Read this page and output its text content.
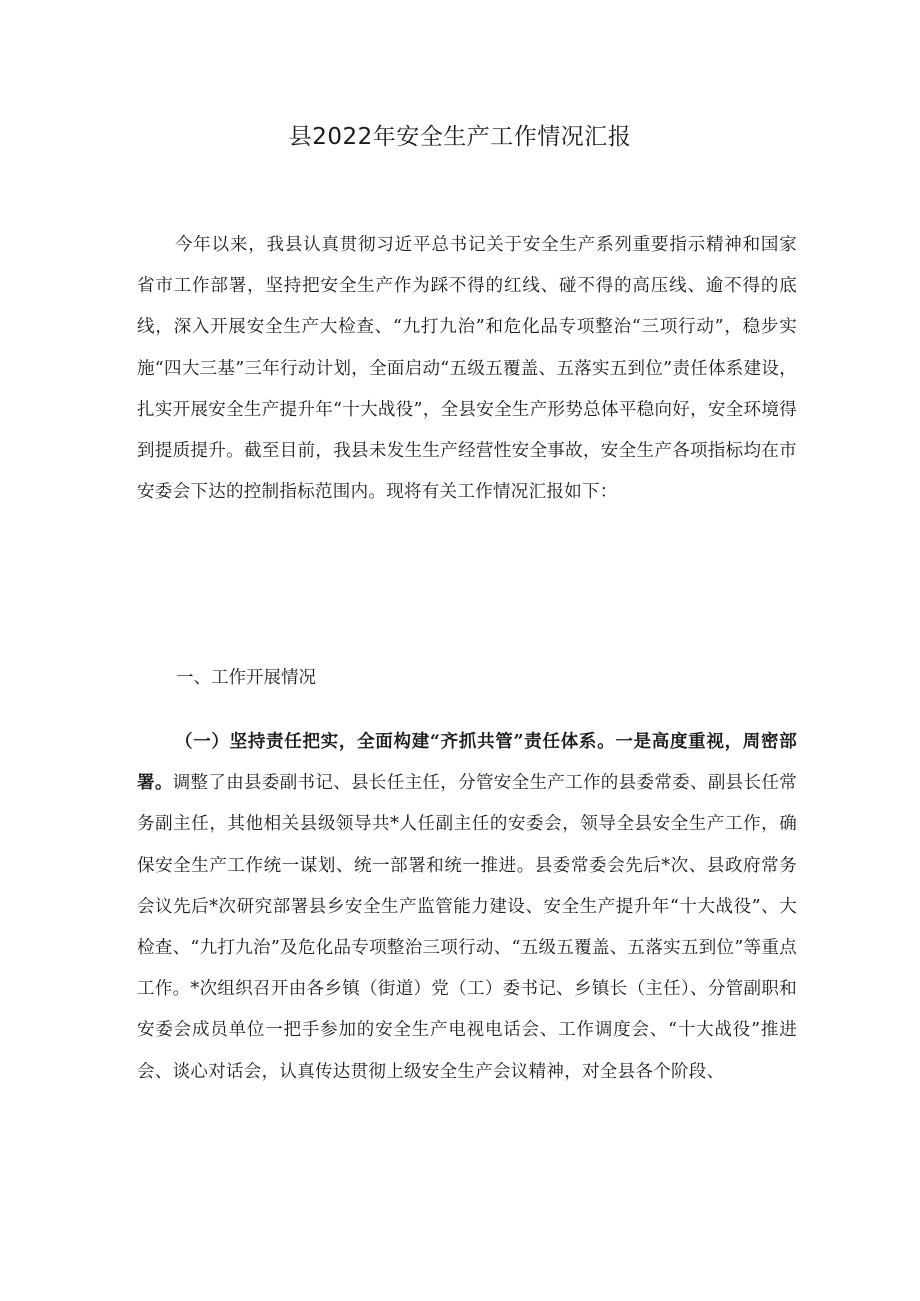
县2022年安全生产工作情况汇报

今年以来，我县认真贯彻习近平总书记关于安全生产系列重要指示精神和国家省市工作部署，坚持把安全生产作为踩不得的红线、碰不得的高压线、逾不得的底线，深入开展安全生产大检查、“九打九治”和危化品专项整治“三项行动”，稳步实施“四大三基”三年行动计划，全面启动“五级五覆盖、五落实五到位”责任体系建设，扎实开展安全生产提升年“十大战役”，全县安全生产形势总体平稳向好，安全环境得到提质提升。截至目前，我县未发生生产经营性安全事故，安全生产各项指标均在市安委会下达的控制指标范围内。现将有关工作情况汇报如下：

一、工作开展情况

（一）坚持责任把实，全面构建“齐抓共管”责任体系。一是高度重视，周密部署。调整了由县委副书记、县长任主任，分管安全生产工作的县委常委、副县长任常务副主任，其他相关县级领导共*人任副主任的安委会，领导全县安全生产工作，确保安全生产工作统一谋划、统一部署和统一推进。县委常委会先后*次、县政府常务会议先后*次研究部署县乡安全生产监管能力建设、安全生产提升年“十大战役”、大检查、“九打九治”及危化品专项整治三项行动、“五级五覆盖、五落实五到位”等重点工作。*次组织召开由各乡镇（街道）党（工）委书记、乡镇长（主任）、分管副职和安委会成员单位一把手参加的安全生产电视电话会、工作调度会、“十大战役”推进会、谈心对话会，认真传达贯彻上级安全生产会议精神，对全县各个阶段、
